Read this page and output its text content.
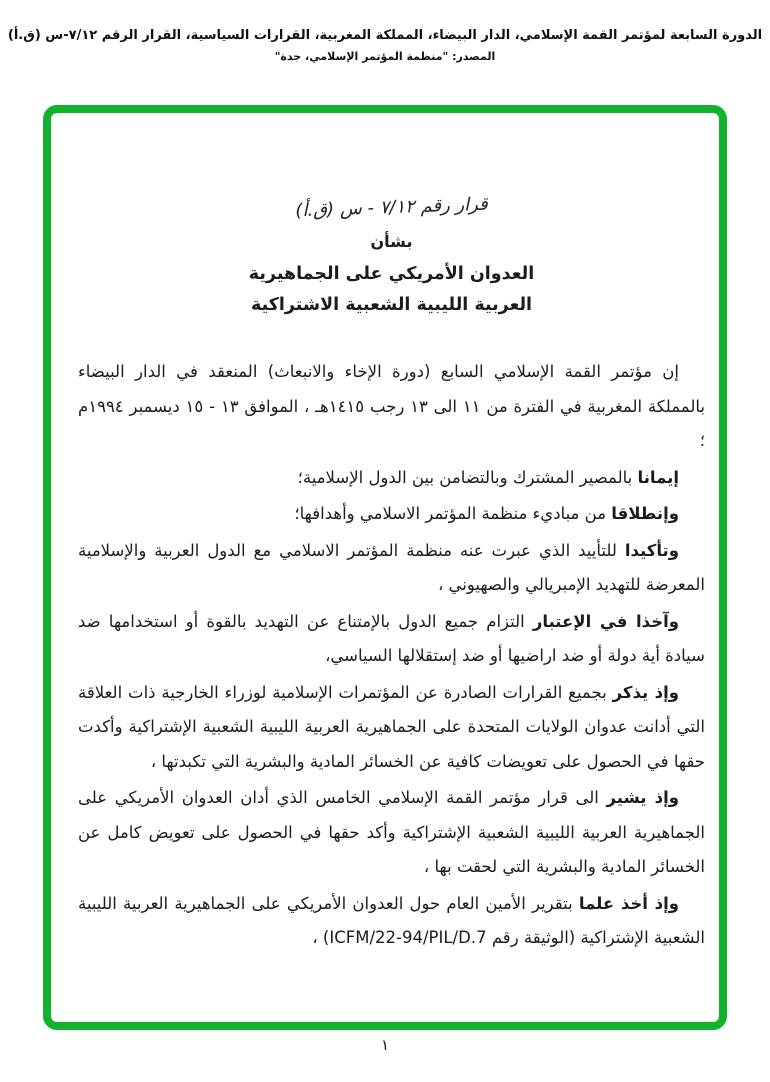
الدورة السابعة لمؤتمر القمة الإسلامي، الدار البيضاء، المملكة المغربية، القرارات السياسية، القرار الرقم ٧/١٢-س (ق.أ)
المصدر: "منظمة المؤتمر الإسلامي، جدة"
قرار رقم ٧/١٢ - س (ق.أ)
بشأن
العدوان الأمريكي على الجماهيرية
العربية الليبية الشعبية الاشتراكية

إن مؤتمر القمة الإسلامي السابع (دورة الإخاء والانبعاث) المنعقد في الدار البيضاء بالمملكة المغربية في الفترة من ١١ الى ١٣ رجب ١٤١٥هـ ، الموافق ١٣ - ١٥ ديسمبر ١٩٩٤م ؛

إيمانا بالمصير المشترك وبالتضامن بين الدول الإسلامية؛

وإنطلاقا من مباديء منظمة المؤتمر الاسلامي وأهدافها؛

وتأكيدا للتأييد الذي عبرت عنه منظمة المؤتمر الاسلامي مع الدول العربية والإسلامية المعرضة للتهديد الإمبريالي والصهيوني ،

وآخذا في الإعتبار التزام جميع الدول بالإمتناع عن التهديد بالقوة أو استخدامها ضد سيادة أية دولة أو ضد اراضيها أو ضد إستقلالها السياسي،

وإذ يذكر بجميع القرارات الصادرة عن المؤتمرات الإسلامية لوزراء الخارجية ذات العلاقة التي أدانت عدوان الولايات المتحدة على الجماهيرية العربية الليبية الشعبية الإشتراكية وأكدت حقها في الحصول على تعويضات كافية عن الخسائر المادية والبشرية التي تكبدتها ،

وإذ يشير الى قرار مؤتمر القمة الإسلامي الخامس الذي أدان العدوان الأمريكي على الجماهيرية العربية الليبية الشعبية الإشتراكية وأكد حقها في الحصول على تعويض كامل عن الخسائر المادية والبشرية التي لحقت بها ،

وإذ أخذ علما بتقرير الأمين العام حول العدوان الأمريكي على الجماهيرية العربية الليبية الشعبية الإشتراكية (الوثيقة رقم ICFM/22-94/PIL/D.7) ،

١
